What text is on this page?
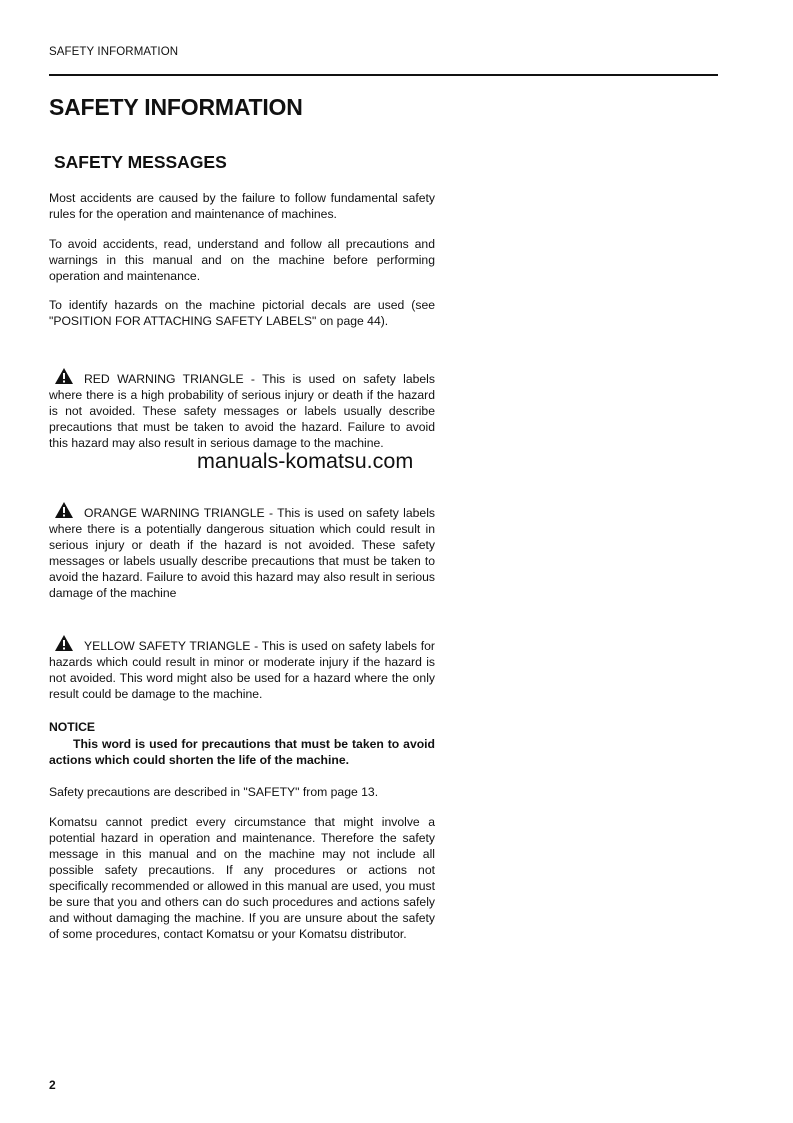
SAFETY INFORMATION
SAFETY INFORMATION
SAFETY MESSAGES

Most accidents are caused by the failure to follow fundamental safety rules for the operation and maintenance of machines.

To avoid accidents, read, understand and follow all precautions and warnings in this manual and on the machine before performing operation and maintenance.

To identify hazards on the machine pictorial decals are used (see "POSITION FOR ATTACHING SAFETY LABELS" on page 44).

RED WARNING TRIANGLE - This is used on safety labels where there is a high probability of serious injury or death if the hazard is not avoided. These safety messages or labels usually describe precautions that must be taken to avoid the hazard. Failure to avoid this hazard may also result in serious damage to the machine.

ORANGE WARNING TRIANGLE - This is used on safety labels where there is a potentially dangerous situation which could result in serious injury or death if the hazard is not avoided. These safety messages or labels usually describe precautions that must be taken to avoid the hazard. Failure to avoid this hazard may also result in serious damage of the machine

YELLOW SAFETY TRIANGLE - This is used on safety labels for hazards which could result in minor or moderate injury if the hazard is not avoided. This word might also be used for a hazard where the only result could be damage to the machine.

NOTICE

This word is used for precautions that must be taken to avoid actions which could shorten the life of the machine.

Safety precautions are described in "SAFETY" from page 13.

Komatsu cannot predict every circumstance that might involve a potential hazard in operation and maintenance. Therefore the safety message in this manual and on the machine may not include all possible safety precautions. If any procedures or actions not specifically recommended or allowed in this manual are used, you must be sure that you and others can do such procedures and actions safely and without damaging the machine. If you are unsure about the safety of some procedures, contact Komatsu or your Komatsu distributor.

manuals-komatsu.com
2
